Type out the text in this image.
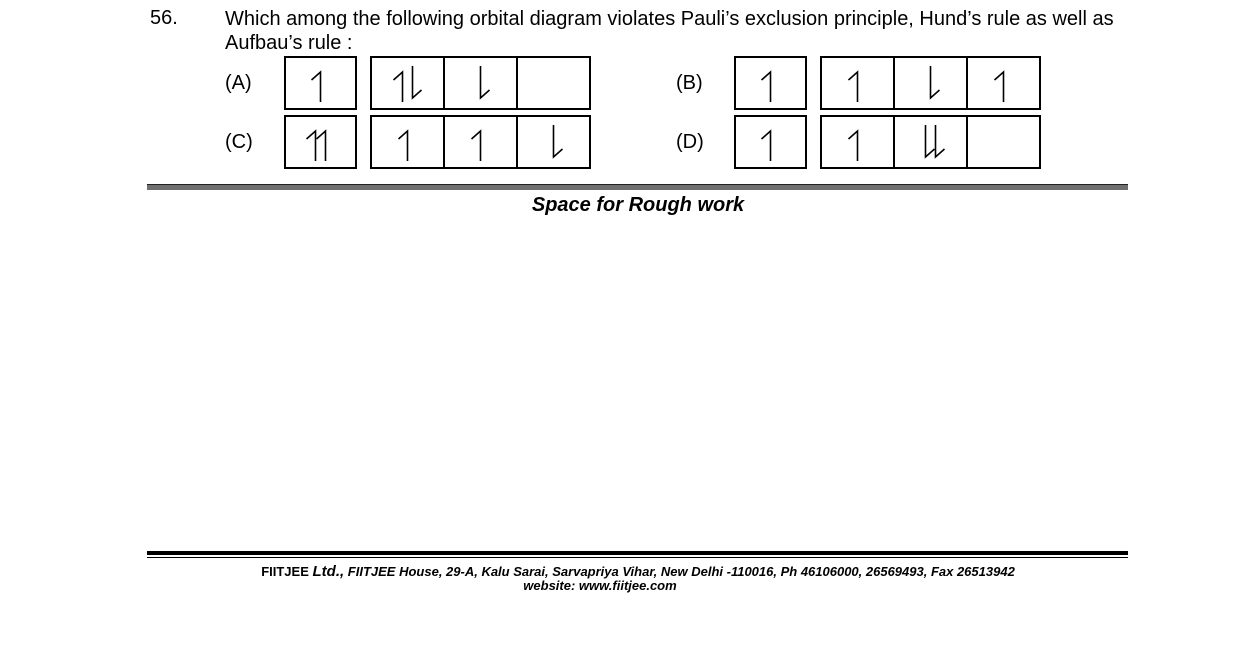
56. Which among the following orbital diagram violates Pauli’s exclusion principle, Hund’s rule as well as Aufbau’s rule :
(A)	(B)
(C)	(D)
Space for Rough work
FIITJEE Ltd., FIITJEE House, 29-A, Kalu Sarai, Sarvapriya Vihar, New Delhi -110016, Ph 46106000, 26569493, Fax 26513942
website: www.fiitjee.com
